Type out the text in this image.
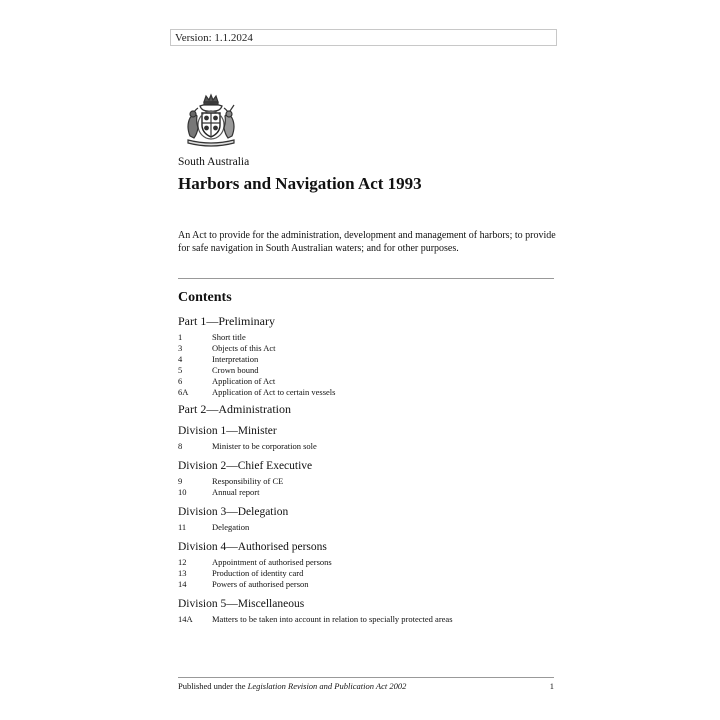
Version: 1.1.2024
South Australia
Harbors and Navigation Act 1993
An Act to provide for the administration, development and management of harbors; to provide for safe navigation in South Australian waters; and for other purposes.
Contents
Part 1—Preliminary
1	Short title
3	Objects of this Act
4	Interpretation
5	Crown bound
6	Application of Act
6A	Application of Act to certain vessels
Part 2—Administration
Division 1—Minister
8	Minister to be corporation sole
Division 2—Chief Executive
9	Responsibility of CE
10	Annual report
Division 3—Delegation
11	Delegation
Division 4—Authorised persons
12	Appointment of authorised persons
13	Production of identity card
14	Powers of authorised person
Division 5—Miscellaneous
14A	Matters to be taken into account in relation to specially protected areas
Published under the Legislation Revision and Publication Act 2002	1
